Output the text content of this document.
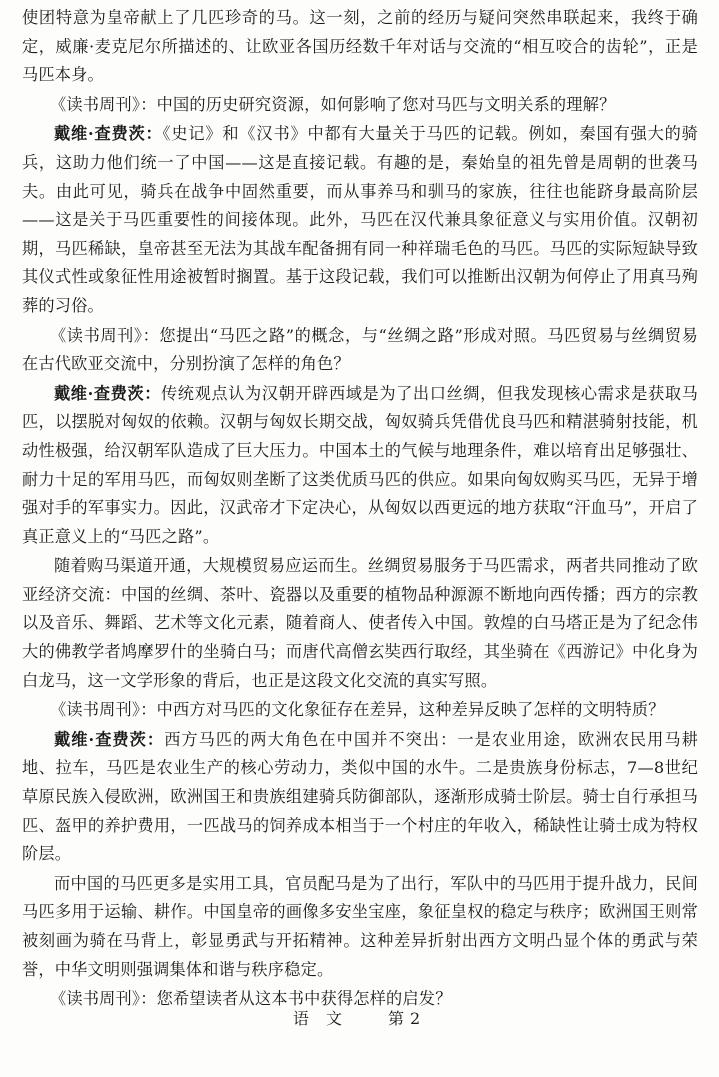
使团特意为皇帝献上了几匹珍奇的马。这一刻，之前的经历与疑问突然串联起来，我终于确定，威廉·麦克尼尔所描述的、让欧亚各国历经数千年对话与交流的“相互咬合的齿轮”，正是马匹本身。

《读书周刊》：中国的历史研究资源，如何影响了您对马匹与文明关系的理解？

戴维·查费茨：《史记》和《汉书》中都有大量关于马匹的记载。例如，秦国有强大的骑兵，这助力他们统一了中国——这是直接记载。有趣的是，秦始皇的祖先曾是周朝的世袭马夫。由此可见，骑兵在战争中固然重要，而从事养马和驯马的家族，往往也能跻身最高阶层——这是关于马匹重要性的间接体现。此外，马匹在汉代兼具象征意义与实用价值。汉朝初期，马匹稀缺，皇帝甚至无法为其战车配备拥有同一种祥瑞毛色的马匹。马匹的实际短缺导致其仪式性或象征性用途被暂时搁置。基于这段记载，我们可以推断出汉朝为何停止了用真马殉葬的习俗。

《读书周刊》：您提出“马匹之路”的概念，与“丝绸之路”形成对照。马匹贸易与丝绸贸易在古代欧亚交流中，分别扮演了怎样的角色？

戴维·查费茨：传统观点认为汉朝开辟西域是为了出口丝绸，但我发现核心需求是获取马匹，以摆脱对匈奴的依赖。汉朝与匈奴长期交战，匈奴骑兵凭借优良马匹和精湛骑射技能，机动性极强，给汉朝军队造成了巨大压力。中国本土的气候与地理条件，难以培育出足够强壮、耐力十足的军用马匹，而匈奴则垄断了这类优质马匹的供应。如果向匈奴购买马匹，无异于增强对手的军事实力。因此，汉武帝才下定决心，从匈奴以西更远的地方获取“汗血马”，开启了真正意义上的“马匹之路”。

随着购马渠道开通，大规模贸易应运而生。丝绸贸易服务于马匹需求，两者共同推动了欧亚经济交流：中国的丝绸、茶叶、瓷器以及重要的植物品种源源不断地向西传播；西方的宗教以及音乐、舞蹈、艺术等文化元素，随着商人、使者传入中国。敦煌的白马塔正是为了纪念伟大的佛教学者鸠摩罗什的坐骑白马；而唐代高僧玄奘西行取经，其坐骑在《西游记》中化身为白龙马，这一文学形象的背后，也正是这段文化交流的真实写照。

《读书周刊》：中西方对马匹的文化象征存在差异，这种差异反映了怎样的文明特质？

戴维·查费茨：西方马匹的两大角色在中国并不突出：一是农业用途，欧洲农民用马耕地、拉车，马匹是农业生产的核心劳动力，类似中国的水牛。二是贵族身份标志，7—8世纪草原民族入侵欧洲，欧洲国王和贵族组建骑兵防御部队，逐渐形成骑士阶层。骑士自行承担马匹、盔甲的养护费用，一匹战马的饲养成本相当于一个村庄的年收入，稀缺性让骑士成为特权阶层。

而中国的马匹更多是实用工具，官员配马是为了出行，军队中的马匹用于提升战力，民间马匹多用于运输、耕作。中国皇帝的画像多安坐宝座，象征皇权的稳定与秩序；欧洲国王则常被刻画为骑在马背上，彰显勇武与开拓精神。这种差异折射出西方文明凸显个体的勇武与荣誉，中华文明则强调集体和谐与秩序稳定。

《读书周刊》：您希望读者从这本书中获得怎样的启发？

语 文	第2
